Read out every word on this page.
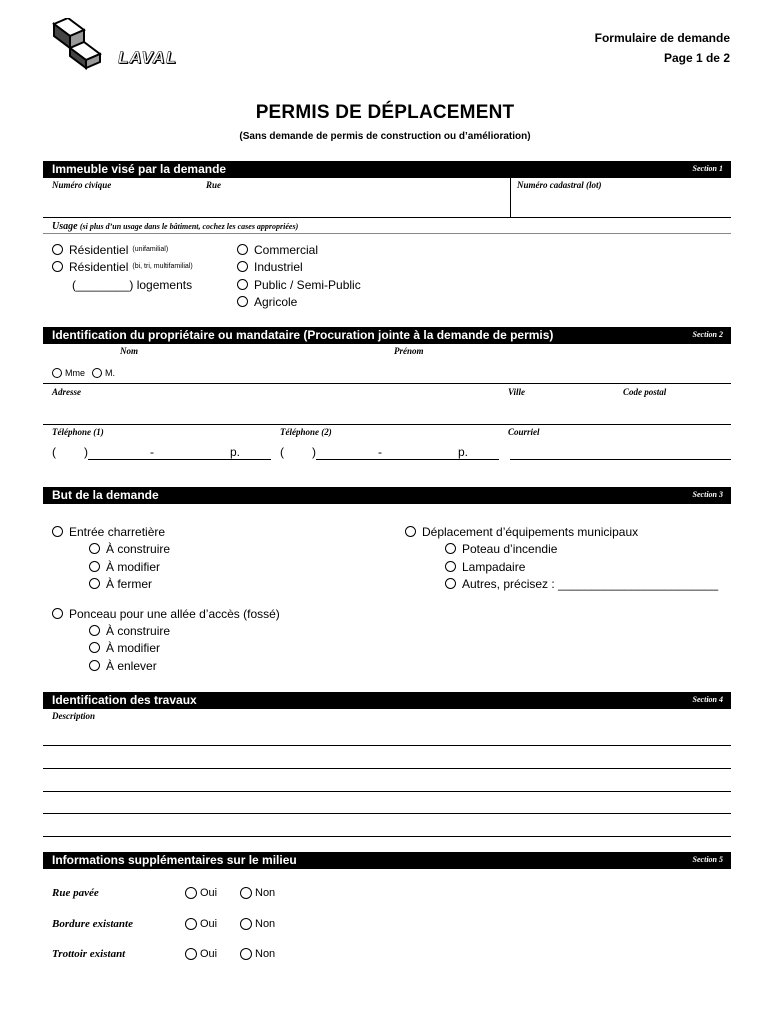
LAVAL
Formulaire de demande
Page 1 de 2
PERMIS DE DÉPLACEMENT
(Sans demande de permis de construction ou d’amélioration)
Immeuble visé par la demande	Section 1
Numéro civique	Rue	Numéro cadastral (lot)
Usage (si plus d’un usage dans le bâtiment, cochez les cases appropriées)
Résidentiel (unifamilial)
Résidentiel (bi, tri, multifamilial)
(________) logements
Commercial
Industriel
Public / Semi-Public
Agricole
Identification du propriétaire ou mandataire (Procuration jointe à la demande de permis)	Section 2
Nom	Prénom
Mme M.
Adresse	Ville	Code postal
Téléphone (1)	Téléphone (2)	Courriel
( )	-	p.	( )	-	p.
But de la demande	Section 3
Entrée charretière
À construire
À modifier
À fermer
Ponceau pour une allée d’accès (fossé)
À construire
À modifier
À enlever
Déplacement d’équipements municipaux
Poteau d’incendie
Lampadaire
Autres, précisez : ________________________
Identification des travaux	Section 4
Description
Informations supplémentaires sur le milieu	Section 5
Rue pavée	Oui	Non
Bordure existante	Oui	Non
Trottoir existant	Oui	Non
